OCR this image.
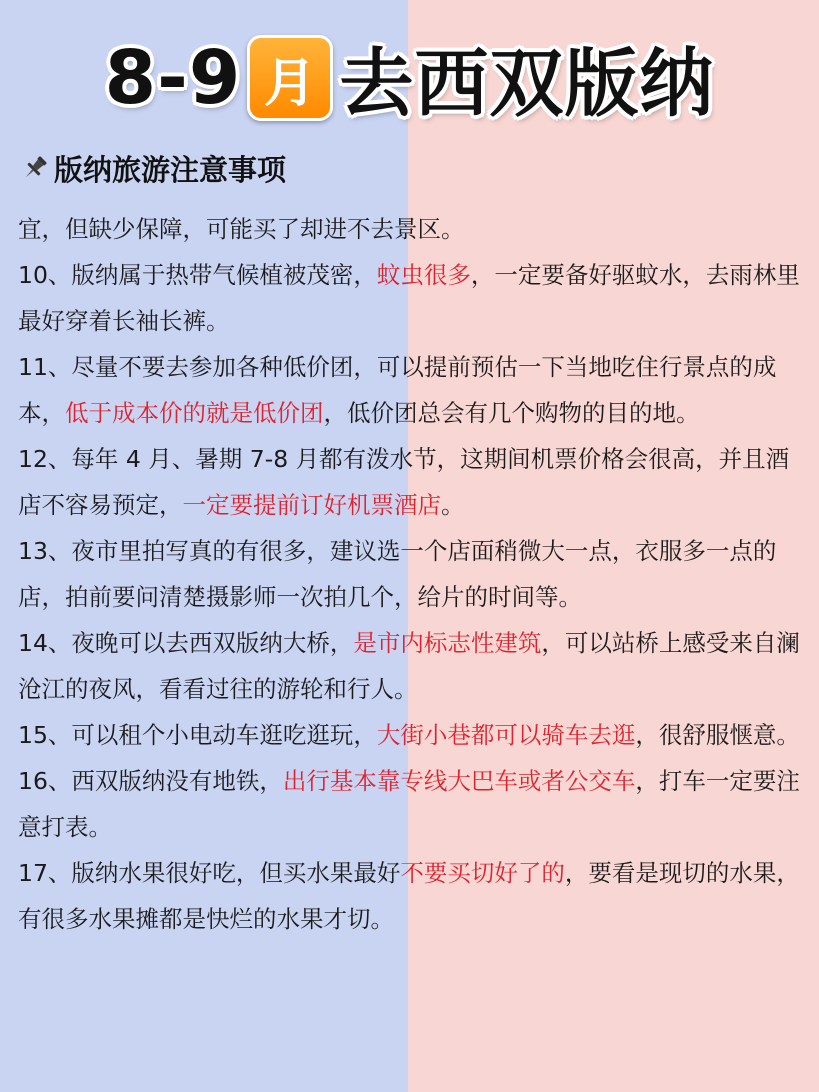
8-9 月 去西双版纳
版纳旅游注意事项

宜，但缺少保障，可能买了却进不去景区。

10、版纳属于热带气候植被茂密，蚊虫很多，一定要备好驱蚊水，去雨林里最好穿着长袖长裤。

11、尽量不要去参加各种低价团，可以提前预估一下当地吃住行景点的成本，低于成本价的就是低价团，低价团总会有几个购物的目的地。

12、每年 4 月、暑期 7-8 月都有泼水节，这期间机票价格会很高，并且酒店不容易预定，一定要提前订好机票酒店。

13、夜市里拍写真的有很多，建议选一个店面稍微大一点，衣服多一点的店，拍前要问清楚摄影师一次拍几个，给片的时间等。

14、夜晚可以去西双版纳大桥，是市内标志性建筑，可以站桥上感受来自澜沧江的夜风，看看过往的游轮和行人。

15、可以租个小电动车逛吃逛玩，大街小巷都可以骑车去逛，很舒服惬意。

16、西双版纳没有地铁，出行基本靠专线大巴车或者公交车，打车一定要注意打表。

17、版纳水果很好吃，但买水果最好不要买切好了的，要看是现切的水果，有很多水果摊都是快烂的水果才切。
